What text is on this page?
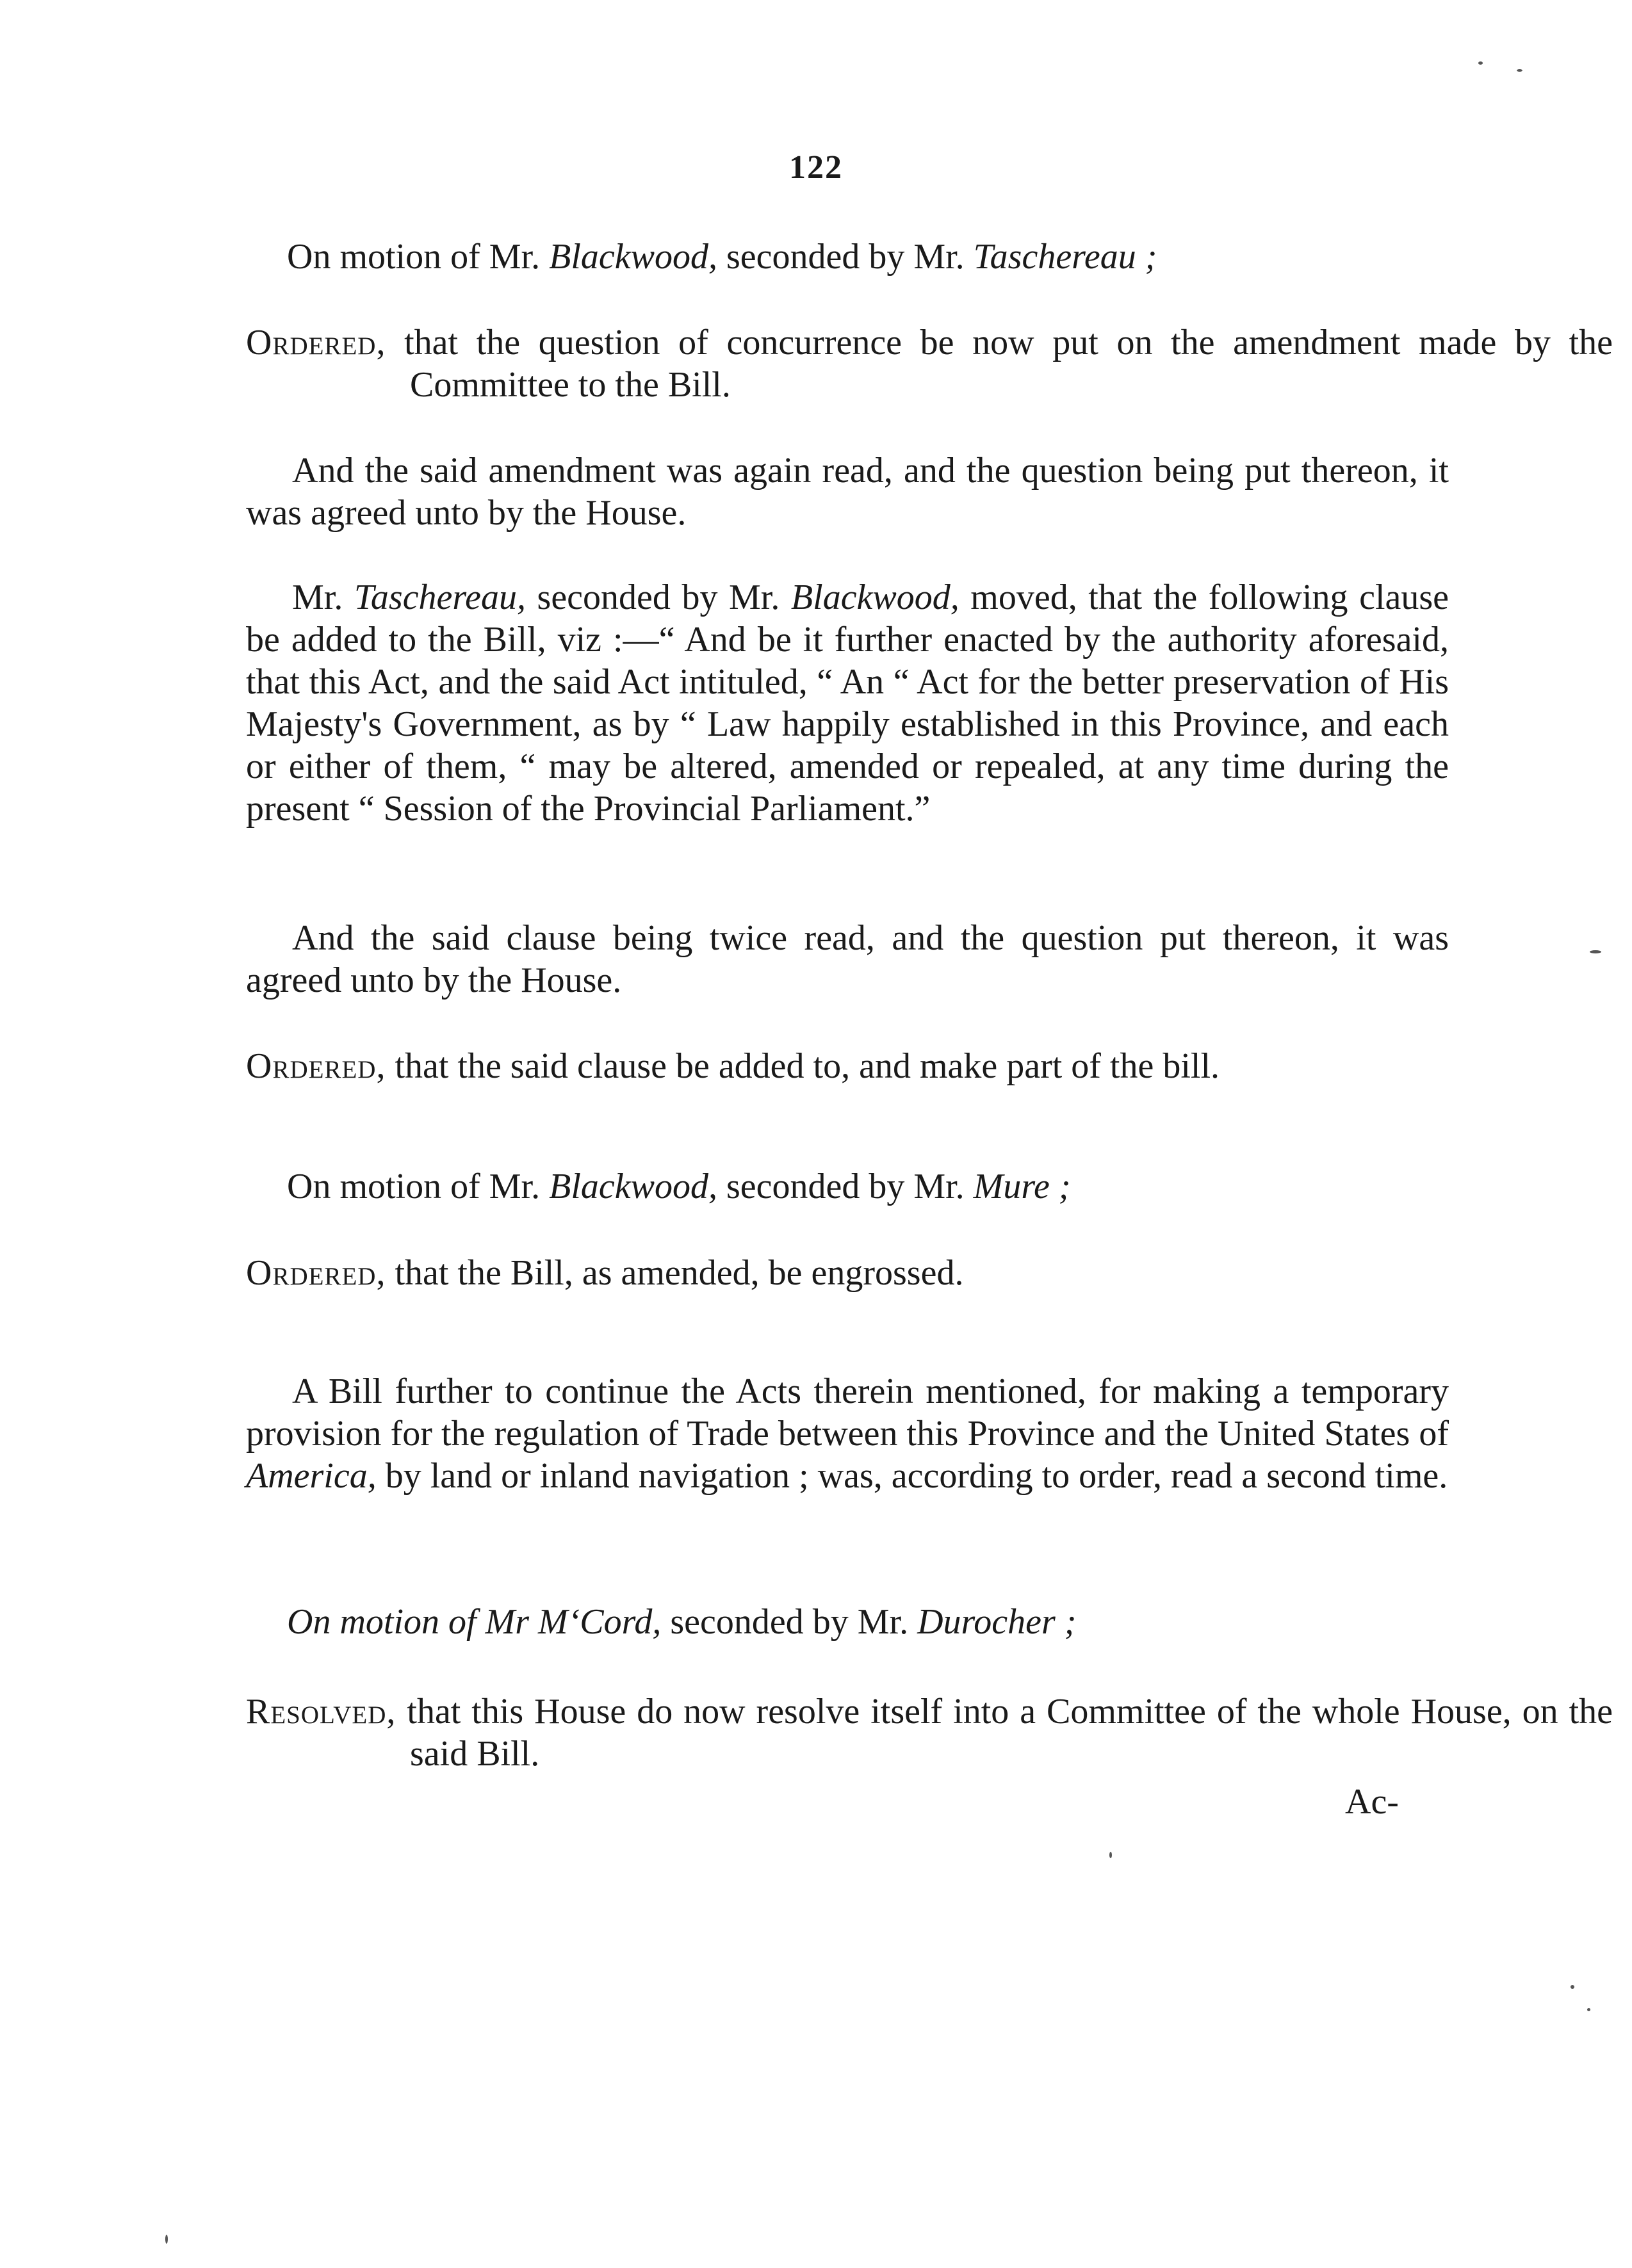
122
On motion of Mr. Blackwood, seconded by Mr. Taschereau ;
Ordered, that the question of concurrence be now put on the amendment made by the Committee to the Bill.
And the said amendment was again read, and the question being put thereon, it was agreed unto by the House.
Mr. Taschereau, seconded by Mr. Blackwood, moved, that the following clause be added to the Bill, viz :—“ And be it further enacted by the authority aforesaid, that this Act, and the said Act intituled, “ An “ Act for the better preservation of His Majesty's Government, as by “ Law happily established in this Province, and each or either of them, “ may be altered, amended or repealed, at any time during the present “ Session of the Provincial Parliament.”
And the said clause being twice read, and the question put thereon, it was agreed unto by the House.
Ordered, that the said clause be added to, and make part of the bill.
On motion of Mr. Blackwood, seconded by Mr. Mure ;
Ordered, that the Bill, as amended, be engrossed.
A Bill further to continue the Acts therein mentioned, for making a temporary provision for the regulation of Trade between this Province and the United States of America, by land or inland navigation ; was, according to order, read a second time.
On motion of Mr M‘Cord, seconded by Mr. Durocher ;
Resolved, that this House do now resolve itself into a Committee of the whole House, on the said Bill.
Ac-
